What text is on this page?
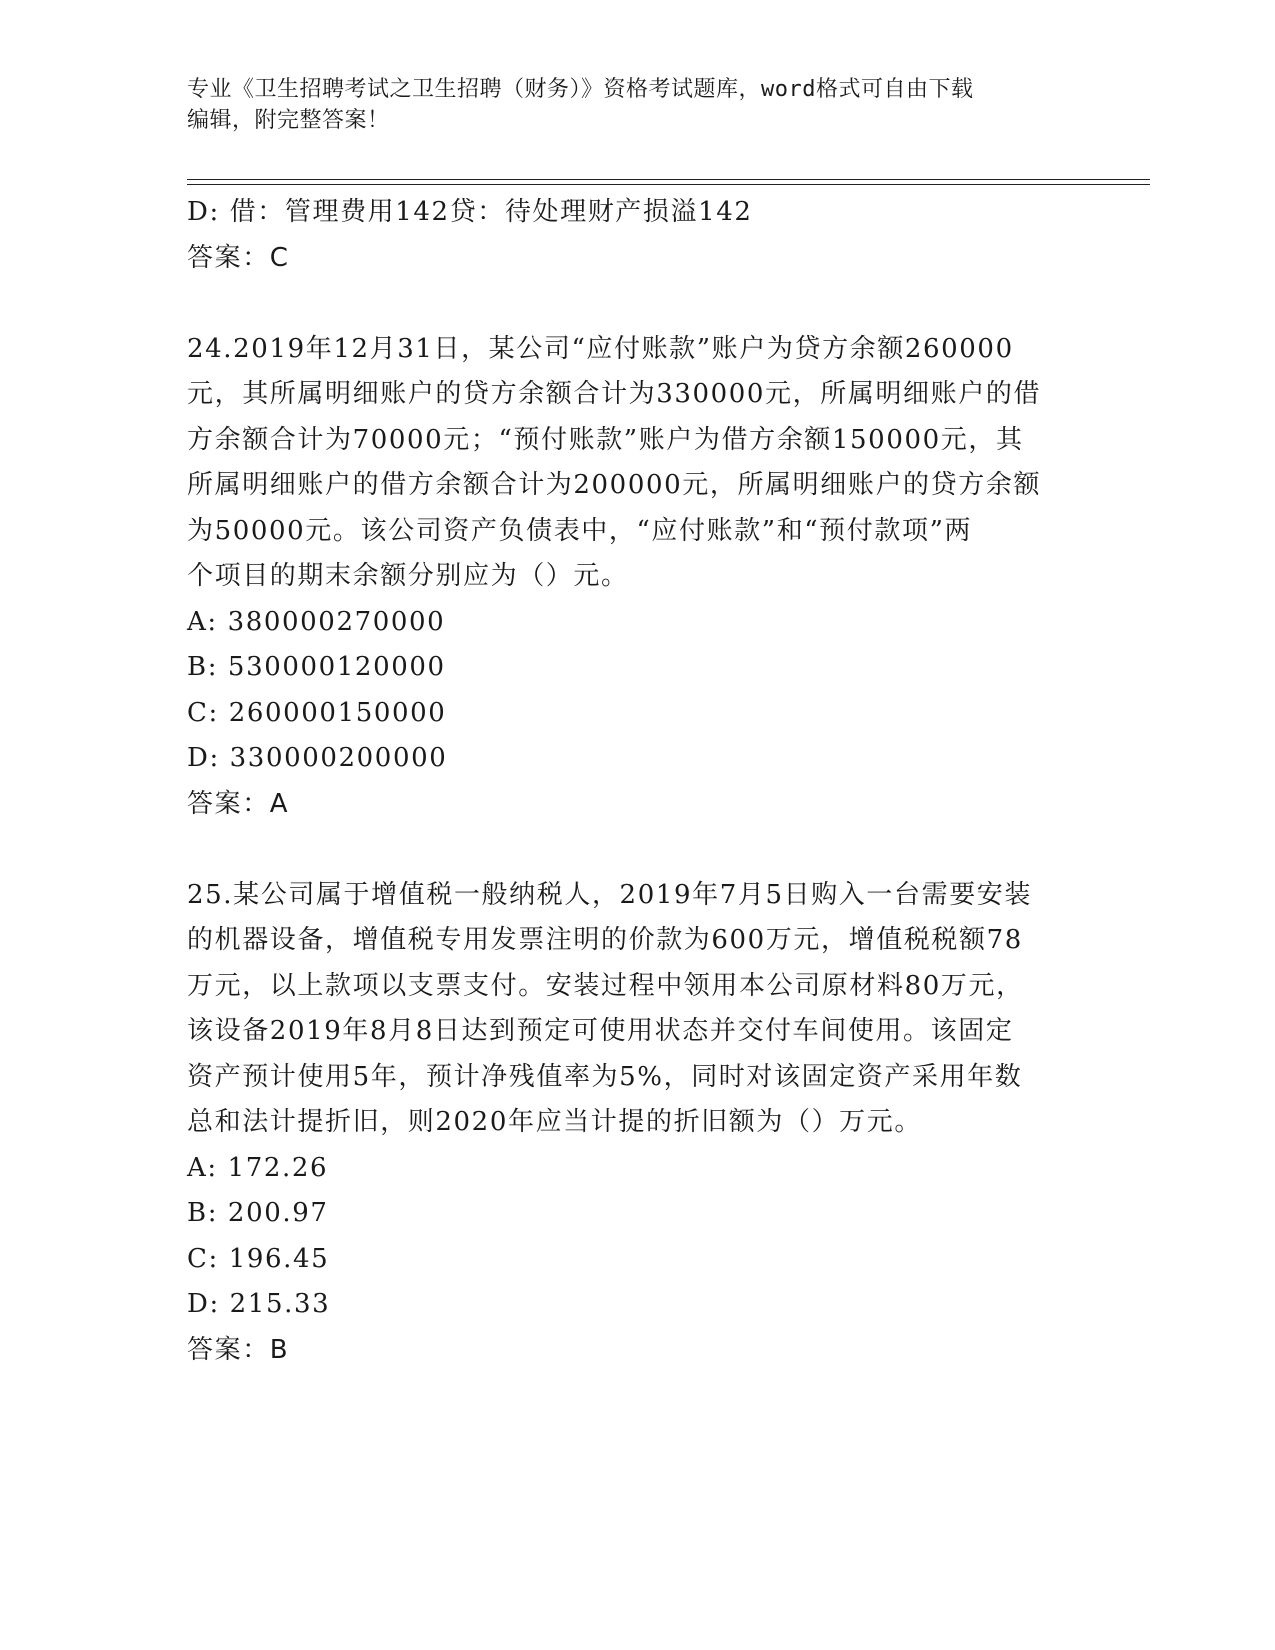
专业《卫生招聘考试之卫生招聘（财务）》资格考试题库，word格式可自由下载
编辑，附完整答案！
D: 借：管理费用142贷：待处理财产损溢142
答案：C
24.2019年12月31日，某公司“应付账款”账户为贷方余额260000
元，其所属明细账户的贷方余额合计为330000元，所属明细账户的借
方余额合计为70000元；“预付账款”账户为借方余额150000元，其
所属明细账户的借方余额合计为200000元，所属明细账户的贷方余额
为50000元。该公司资产负债表中，“应付账款”和“预付款项”两
个项目的期末余额分别应为（）元。
A: 380000270000
B: 530000120000
C: 260000150000
D: 330000200000
答案：A
25.某公司属于增值税一般纳税人，2019年7月5日购入一台需要安装
的机器设备，增值税专用发票注明的价款为600万元，增值税税额78
万元，以上款项以支票支付。安装过程中领用本公司原材料80万元，
该设备2019年8月8日达到预定可使用状态并交付车间使用。该固定
资产预计使用5年，预计净残值率为5%，同时对该固定资产采用年数
总和法计提折旧，则2020年应当计提的折旧额为（）万元。
A: 172.26
B: 200.97
C: 196.45
D: 215.33
答案：B
